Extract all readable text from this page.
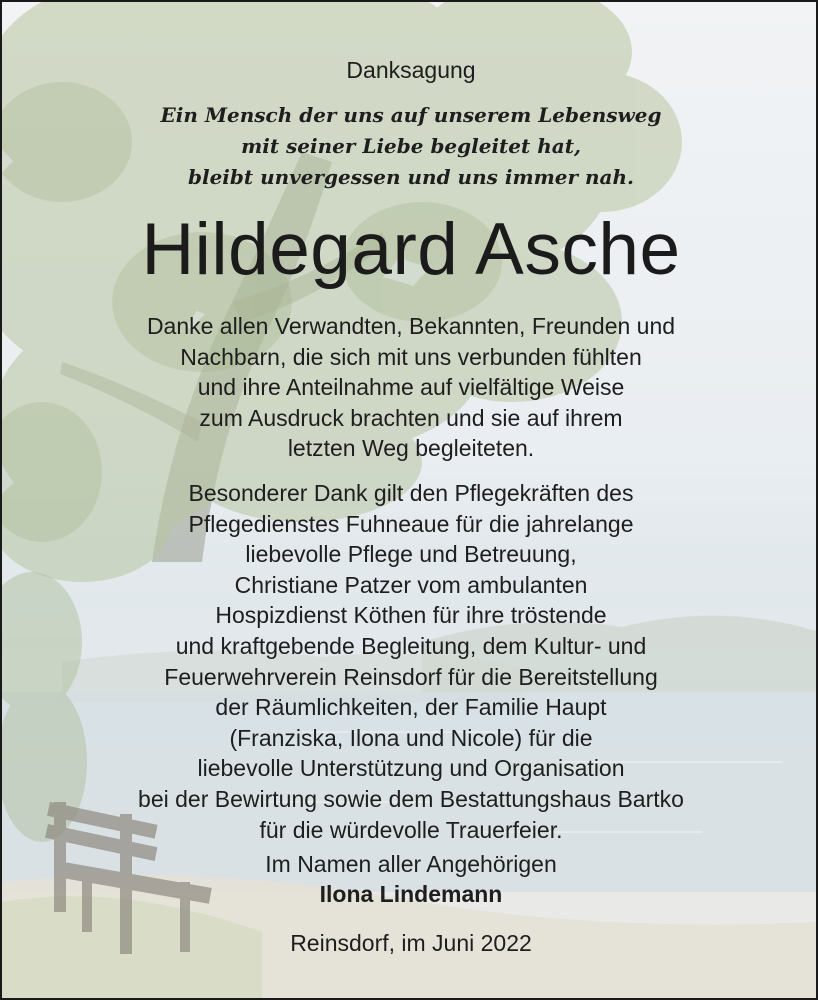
Danksagung
Ein Mensch der uns auf unserem Lebensweg
mit seiner Liebe begleitet hat,
bleibt unvergessen und uns immer nah.
Hildegard Asche
Danke allen Verwandten, Bekannten, Freunden und
Nachbarn, die sich mit uns verbunden fühlten
und ihre Anteilnahme auf vielfältige Weise
zum Ausdruck brachten und sie auf ihrem
letzten Weg begleiteten.
Besonderer Dank gilt den Pflegekräften des
Pflegedienstes Fuhneaue für die jahrelange
liebevolle Pflege und Betreuung,
Christiane Patzer vom ambulanten
Hospizdienst Köthen für ihre tröstende
und kraftgebende Begleitung, dem Kultur- und
Feuerwehrverein Reinsdorf für die Bereitstellung
der Räumlichkeiten, der Familie Haupt
(Franziska, Ilona und Nicole) für die
liebevolle Unterstützung und Organisation
bei der Bewirtung sowie dem Bestattungshaus Bartko
für die würdevolle Trauerfeier.
Im Namen aller Angehörigen
Ilona Lindemann
Reinsdorf, im Juni 2022
